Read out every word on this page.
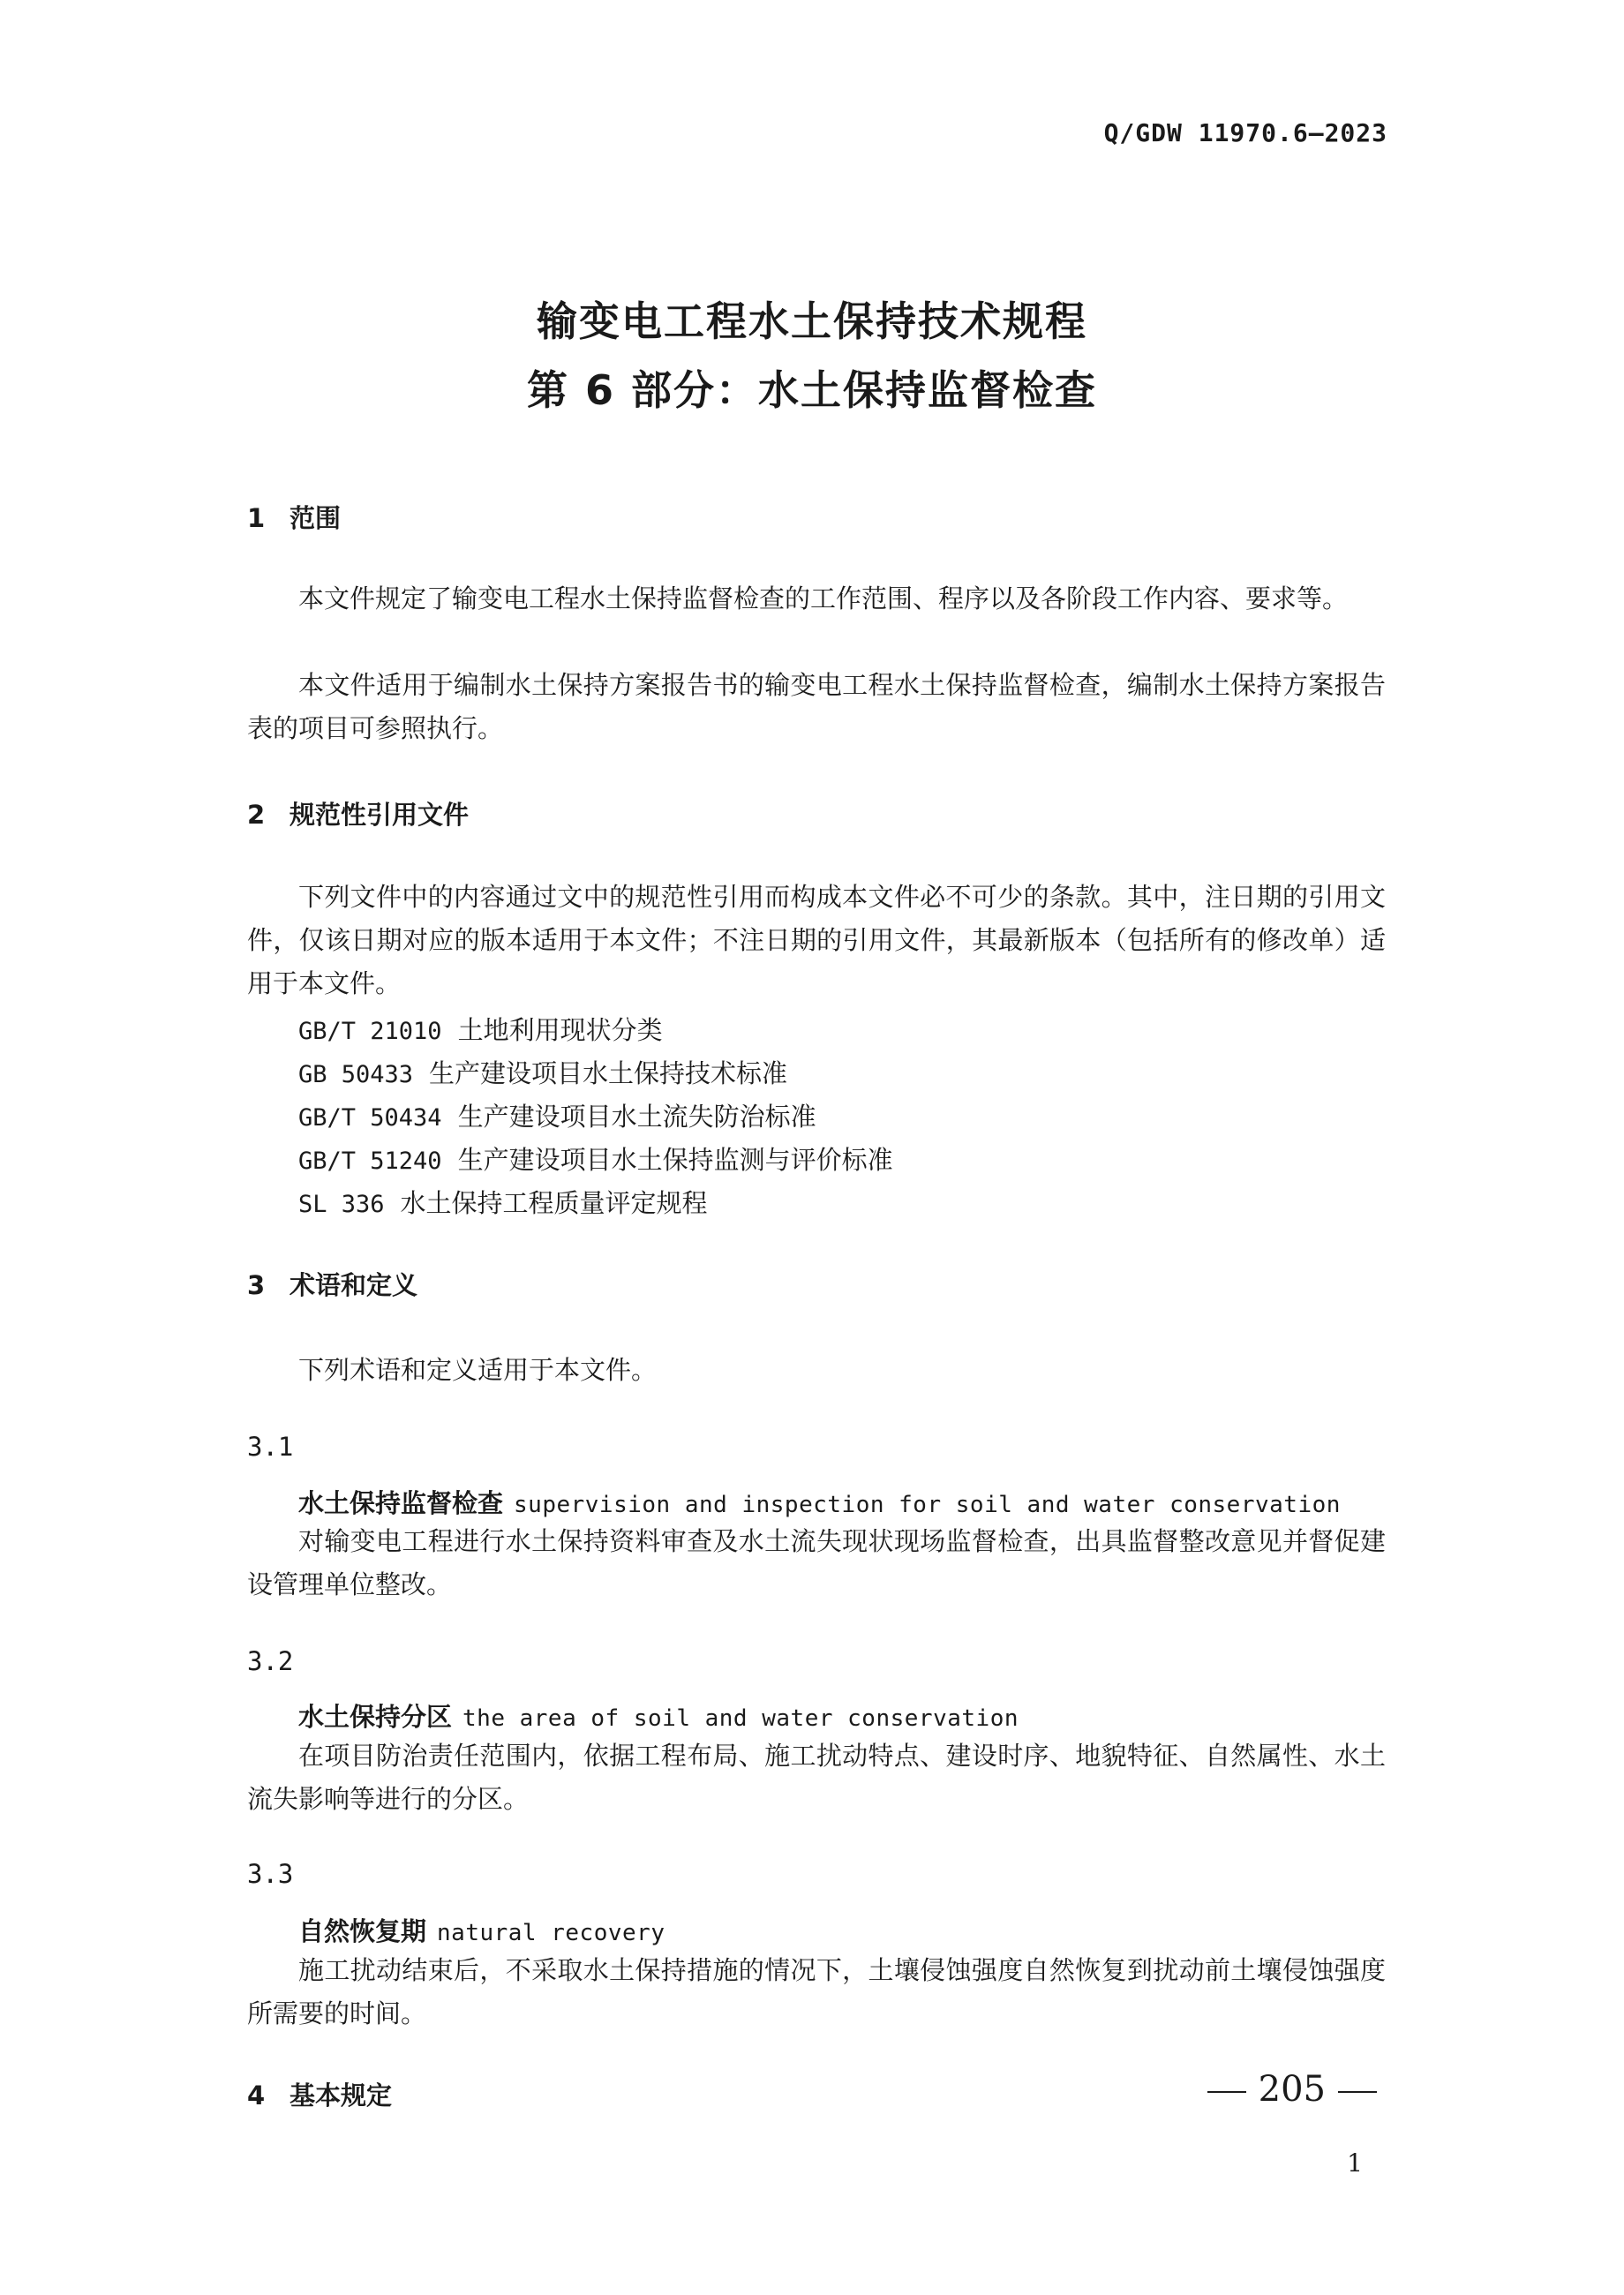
Q/GDW 11970.6—2023
输变电工程水土保持技术规程
第 6 部分：水土保持监督检查
1 范围
本文件规定了输变电工程水土保持监督检查的工作范围、程序以及各阶段工作内容、要求等。
本文件适用于编制水土保持方案报告书的输变电工程水土保持监督检查，编制水土保持方案报告表的项目可参照执行。
2 规范性引用文件
下列文件中的内容通过文中的规范性引用而构成本文件必不可少的条款。其中，注日期的引用文件，仅该日期对应的版本适用于本文件；不注日期的引用文件，其最新版本（包括所有的修改单）适用于本文件。
GB/T 21010 土地利用现状分类
GB 50433 生产建设项目水土保持技术标准
GB/T 50434 生产建设项目水土流失防治标准
GB/T 51240 生产建设项目水土保持监测与评价标准
SL 336 水土保持工程质量评定规程
3 术语和定义
下列术语和定义适用于本文件。
3.1
水土保持监督检查 supervision and inspection for soil and water conservation
对输变电工程进行水土保持资料审查及水土流失现状现场监督检查，出具监督整改意见并督促建设管理单位整改。
3.2
水土保持分区 the area of soil and water conservation
在项目防治责任范围内，依据工程布局、施工扰动特点、建设时序、地貌特征、自然属性、水土流失影响等进行的分区。
3.3
自然恢复期 natural recovery
施工扰动结束后，不采取水土保持措施的情况下，土壤侵蚀强度自然恢复到扰动前土壤侵蚀强度所需要的时间。
4 基本规定	205
1
